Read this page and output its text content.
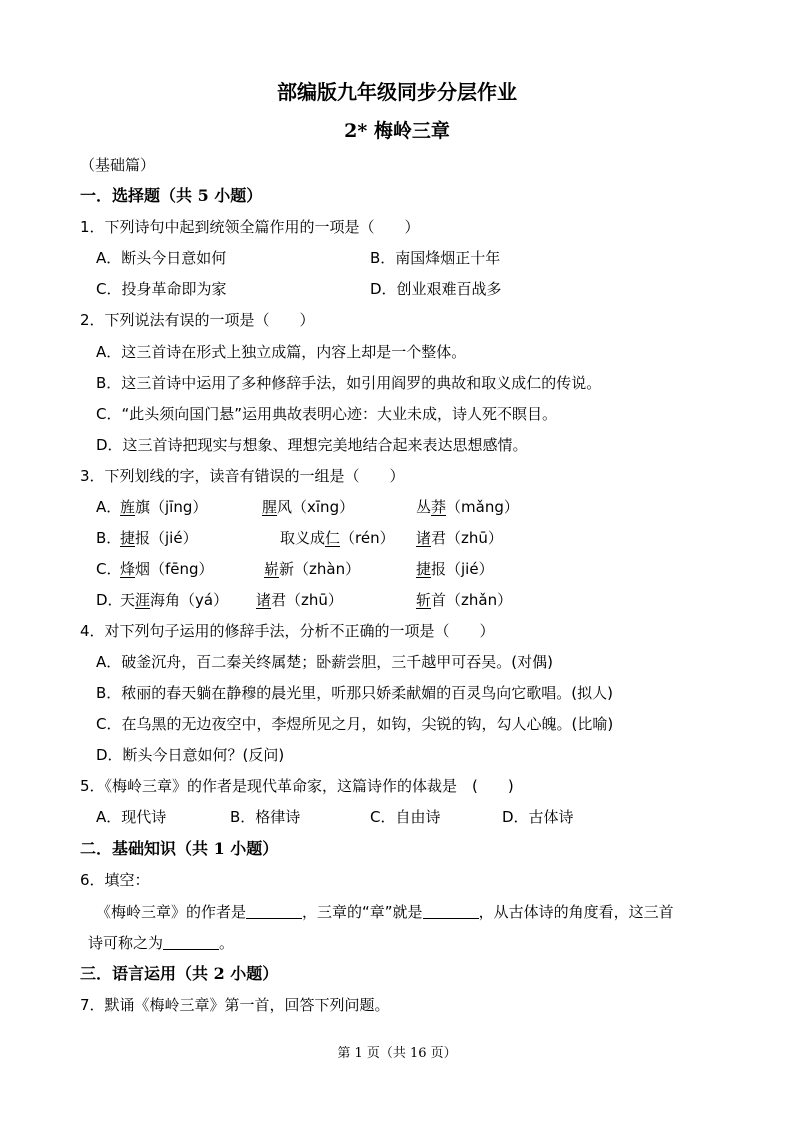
部编版九年级同步分层作业
2* 梅岭三章
（基础篇）
一．选择题（共 5 小题）
1．下列诗句中起到统领全篇作用的一项是（　　）
A．断头今日意如何	B．南国烽烟正十年
C．投身革命即为家	D．创业艰难百战多
2．下列说法有误的一项是（　　）
A．这三首诗在形式上独立成篇，内容上却是一个整体。
B．这三首诗中运用了多种修辞手法，如引用阎罗的典故和取义成仁的传说。
C．“此头须向国门悬”运用典故表明心迹：大业未成，诗人死不瞑目。
D．这三首诗把现实与想象、理想完美地结合起来表达思想感情。
3．下列划线的字，读音有错误的一组是（　　）
A．
旌旗（jīng）	腥风（xīng）	丛莽（mǎng）
B．
捷报（jié）	取义成仁（rén） 诸君（zhū）
C．
烽烟（fēng）	崭新（zhàn）	捷报（jié）
D．
天涯海角（yá） 诸君（zhū）	斩首（zhǎn）
4．对下列句子运用的修辞手法，分析不正确的一项是（　　）
A．破釜沉舟，百二秦关终属楚；卧薪尝胆，三千越甲可吞吴。(对偶)
B．秾丽的春天躺在静穆的晨光里，听那只娇柔献媚的百灵鸟向它歌唱。(拟人)
C．在乌黑的无边夜空中，李煜所见之月，如钩，尖锐的钩，勾人心魄。(比喻)
D．断头今日意如何？(反问)
5．《梅岭三章》的作者是现代革命家，这篇诗作的体裁是　(　　)
A．现代诗	B．格律诗	C．自由诗	D．古体诗
二．基础知识（共 1 小题）
6．填空：
《梅岭三章》的作者是	，三章的“章”就是	，从古体诗的角度看，这三首
诗可称之为	。
三．语言运用（共 2 小题）
7．默诵《梅岭三章》第一首，回答下列问题。
第 1 页（共 16 页）
